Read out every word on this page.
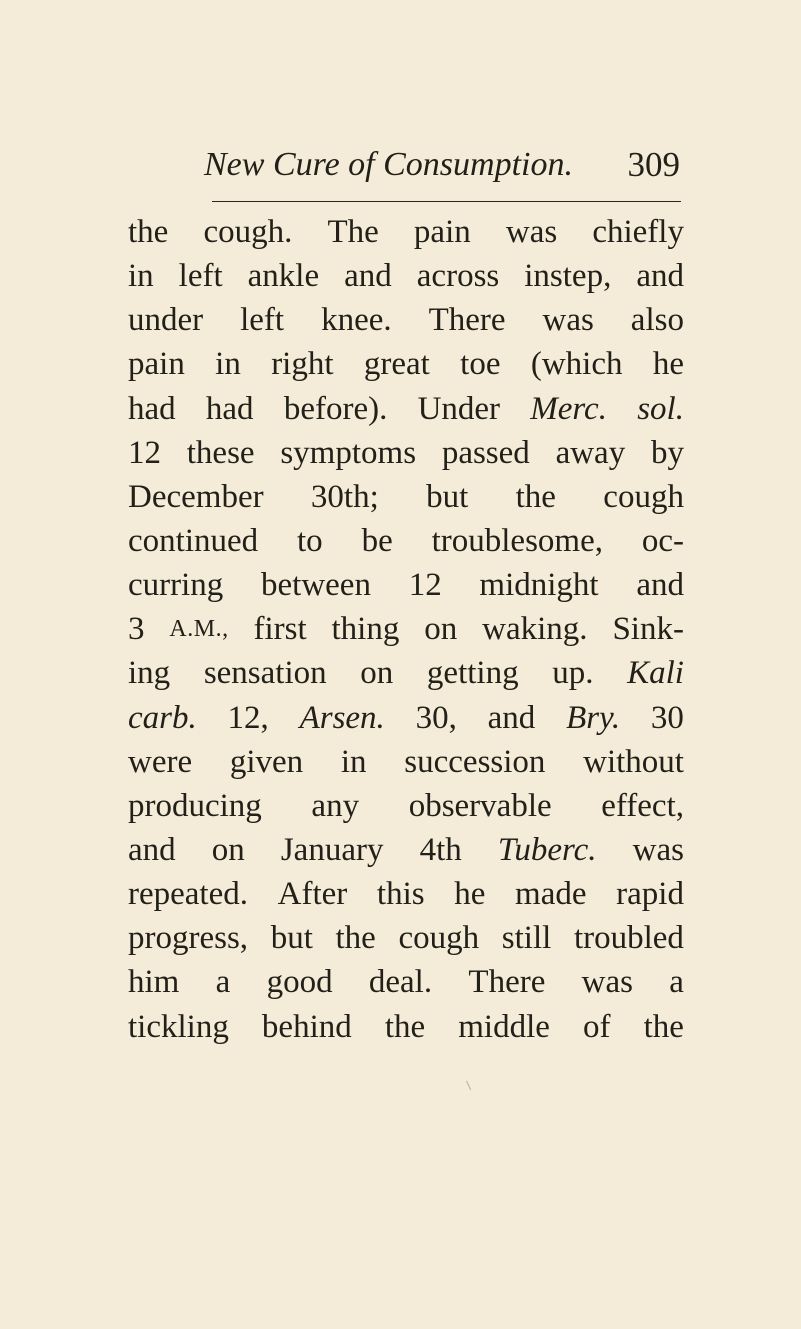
New Cure of Consumption. 309
the cough. The pain was chiefly
in left ankle and across instep, and
under left knee. There was also
pain in right great toe (which he
had had before). Under Merc. sol.
12 these symptoms passed away by
December 30th; but the cough
continued to be troublesome, oc-
curring between 12 midnight and
3 A.M., first thing on waking. Sink-
ing sensation on getting up. Kali
carb. 12, Arsen. 30, and Bry. 30
were given in succession without
producing any observable effect,
and on January 4th Tuberc. was
repeated. After this he made rapid
progress, but the cough still troubled
him a good deal. There was a
tickling behind the middle of the
